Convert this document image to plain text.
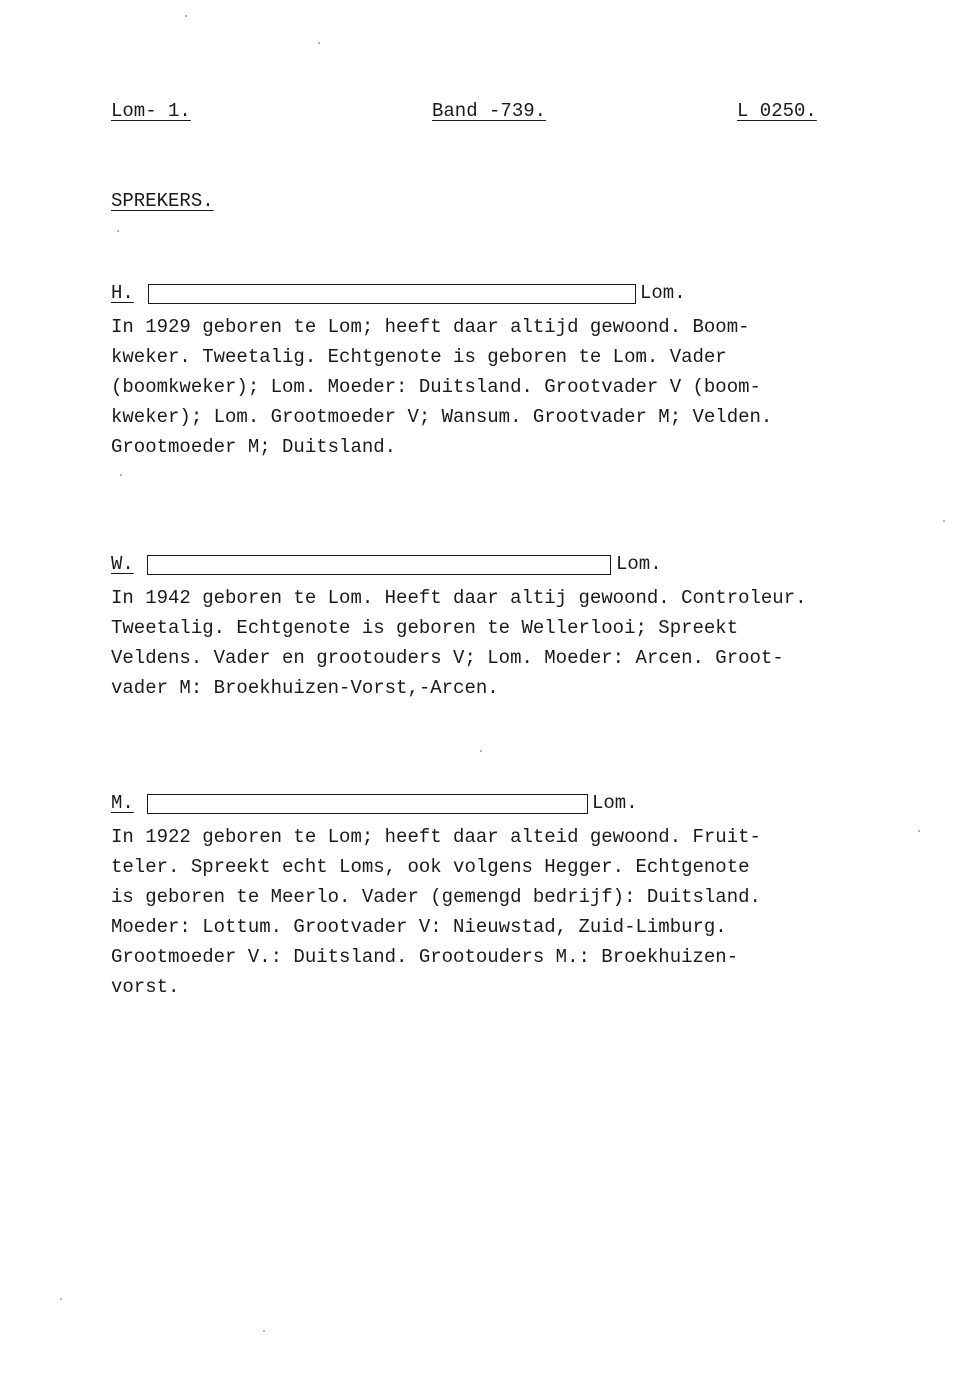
Lom- 1.	Band -739.	L 0250.
SPREKERS.
H.	Lom.
In 1929 geboren te Lom; heeft daar altijd gewoond. Boom-
kweker. Tweetalig. Echtgenote is geboren te Lom. Vader
(boomkweker); Lom. Moeder: Duitsland. Grootvader V (boom-
kweker); Lom. Grootmoeder V; Wansum. Grootvader M; Velden.
Grootmoeder M; Duitsland.
W.	Lom.
In 1942 geboren te Lom. Heeft daar altij gewoond. Controleur.
Tweetalig. Echtgenote is geboren te Wellerlooi; Spreekt
Veldens. Vader en grootouders V; Lom. Moeder: Arcen. Groot-
vader M: Broekhuizen-Vorst,-Arcen.
M.	Lom.
In 1922 geboren te Lom; heeft daar alteid gewoond. Fruit-
teler. Spreekt echt Loms, ook volgens Hegger. Echtgenote
is geboren te Meerlo. Vader (gemengd bedrijf): Duitsland.
Moeder: Lottum. Grootvader V: Nieuwstad, Zuid-Limburg.
Grootmoeder V.: Duitsland. Grootouders M.: Broekhuizen-
vorst.
